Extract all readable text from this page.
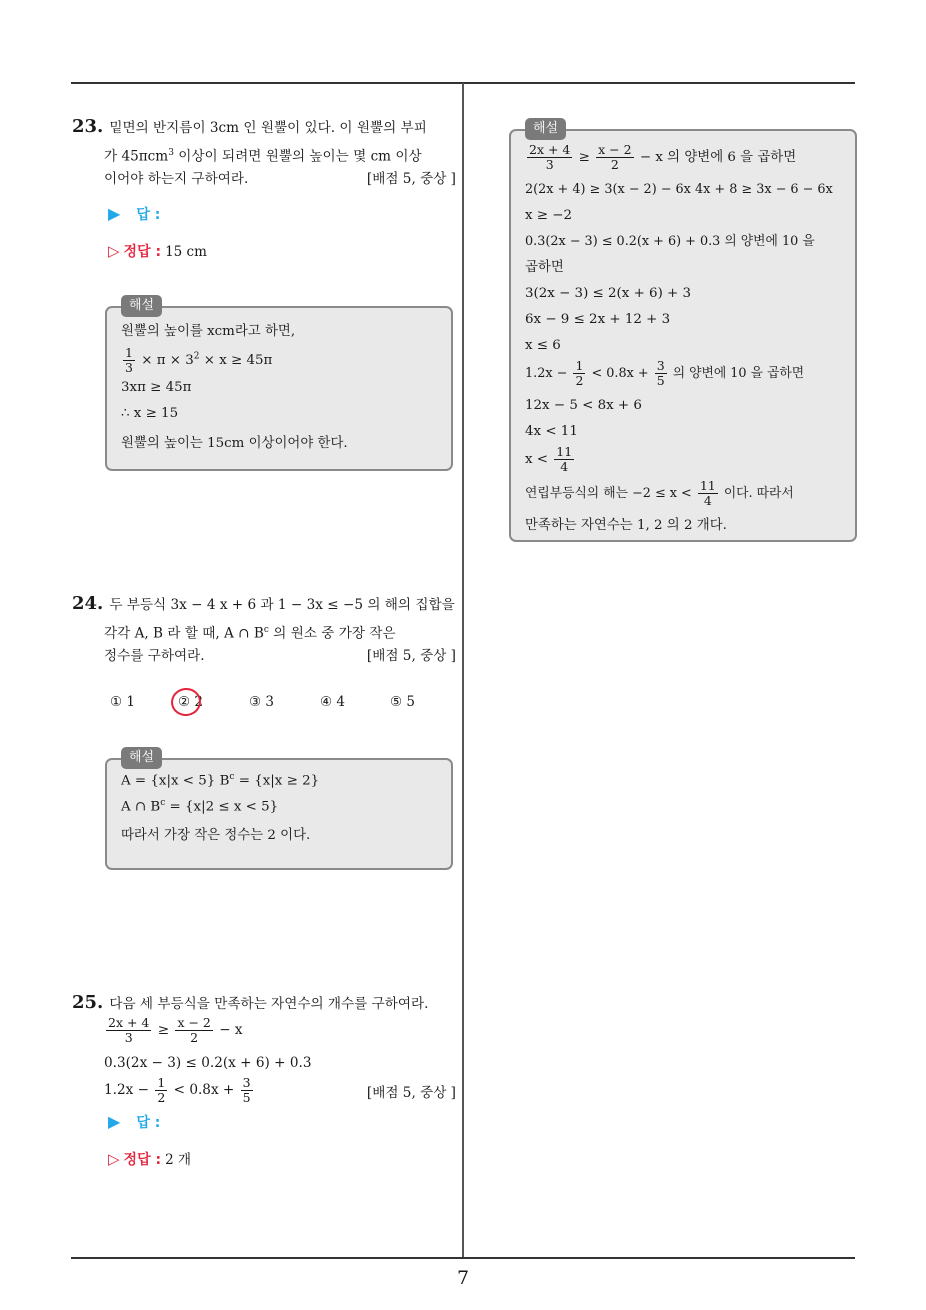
23. 밑면의 반지름이 3cm 인 원뿔이 있다. 이 원뿔의 부피
가 45πcm$^3$ 이상이 되려면 원뿔의 높이는 몇 cm 이상
이어야 하는지 구하여라.	[배점 5, 중상 ]
▶ 답 :
▷ 정답 : 15 cm
해설
원뿔의 높이를 xcm라고 하면,
$\frac{1}{3} \times \pi \times 3^2 \times x \ge 45\pi$
3xπ ≥ 45π
∴ x ≥ 15
원뿔의 높이는 15cm 이상이어야 한다.
24. 두 부등식 3x − 4 x + 6 과 1 − 3x ≤ −5 의 해의 집합을
각각 A, B 라 할 때, A ∩ $B^c$ 의 원소 중 가장 작은
정수를 구하여라.	[배점 5, 중상 ]
① 1	② 2	③ 3	④ 4	⑤ 5
해설
A = {x|x < 5} $B^c = \{x|x \ge 2\}$
A ∩ $B^c = \{x|2 \le x < 5\}$
따라서 가장 작은 정수는 2 이다.
25. 다음 세 부등식을 만족하는 자연수의 개수를 구하여라.
$\frac{2x + 4}{3} \ge \frac{x - 2}{2} - x$
0.3(2x − 3) ≤ 0.2(x + 6) + 0.3
$1.2x - \frac{1}{2} < 0.8x + \frac{3}{5}$	[배점 5, 중상 ]
▶ 답 :
▷ 정답 : 2 개
해설
$\frac{2x + 4}{3} \ge \frac{x - 2}{2} - x$ 의 양변에 6 을 곱하면
2(2x + 4) ≥ 3(x − 2) − 6x 4x + 8 ≥ 3x − 6 − 6x
x ≥ −2
0.3(2x − 3) ≤ 0.2(x + 6) + 0.3 의 양변에 10 을
곱하면
3(2x − 3) ≤ 2(x + 6) + 3
6x − 9 ≤ 2x + 12 + 3
x ≤ 6
$1.2x - \frac{1}{2} < 0.8x + \frac{3}{5}$ 의 양변에 10 을 곱하면
12x − 5 < 8x + 6
4x < 11
$x < \frac{11}{4}$
연립부등식의 해는 $-2 \le x < \frac{11}{4}$ 이다. 따라서
만족하는 자연수는 1, 2 의 2 개다.
7
